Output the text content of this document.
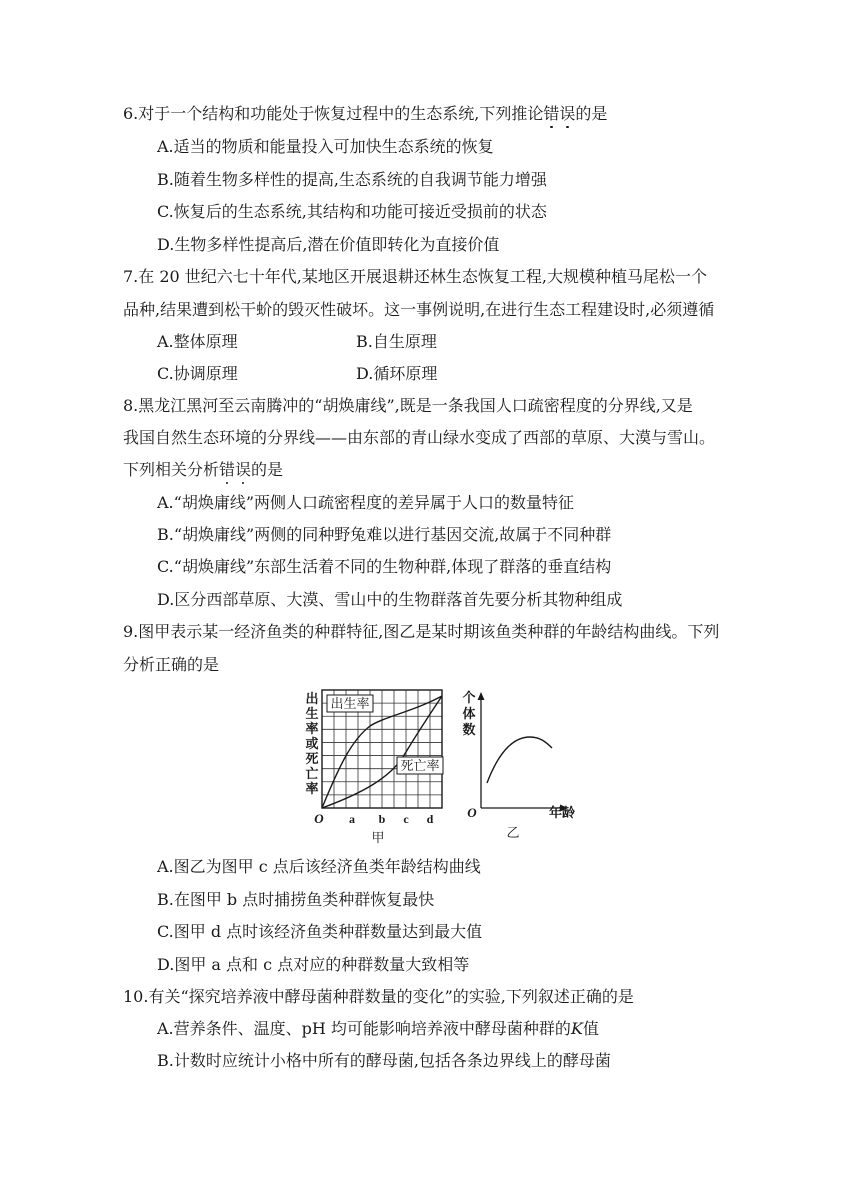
6.对于一个结构和功能处于恢复过程中的生态系统,下列推论错误的是
A.适当的物质和能量投入可加快生态系统的恢复
B.随着生物多样性的提高,生态系统的自我调节能力增强
C.恢复后的生态系统,其结构和功能可接近受损前的状态
D.生物多样性提高后,潜在价值即转化为直接价值
7.在 20 世纪六七十年代,某地区开展退耕还林生态恢复工程,大规模种植马尾松一个
品种,结果遭到松干蚧的毁灭性破坏。这一事例说明,在进行生态工程建设时,必须遵循
A.整体原理	B.自生原理
C.协调原理	D.循环原理
8.黑龙江黑河至云南腾冲的“胡焕庸线”,既是一条我国人口疏密程度的分界线,又是
我国自然生态环境的分界线——由东部的青山绿水变成了西部的草原、大漠与雪山。
下列相关分析错误的是
A.“胡焕庸线”两侧人口疏密程度的差异属于人口的数量特征
B.“胡焕庸线”两侧的同种野兔难以进行基因交流,故属于不同种群
C.“胡焕庸线”东部生活着不同的生物种群,体现了群落的垂直结构
D.区分西部草原、大漠、雪山中的生物群落首先要分析其物种组成
9.图甲表示某一经济鱼类的种群特征,图乙是某时期该鱼类种群的年龄结构曲线。下列
分析正确的是
出
生
率
或
死
亡
率
出生率
死亡率
O a b c d
甲
个
体
数
O	年龄
乙
A.图乙为图甲 c 点后该经济鱼类年龄结构曲线
B.在图甲 b 点时捕捞鱼类种群恢复最快
C.图甲 d 点时该经济鱼类种群数量达到最大值
D.图甲 a 点和 c 点对应的种群数量大致相等
10.有关“探究培养液中酵母菌种群数量的变化”的实验,下列叙述正确的是
A.营养条件、温度、pH 均可能影响培养液中酵母菌种群的K值
B.计数时应统计小格中所有的酵母菌,包括各条边界线上的酵母菌
